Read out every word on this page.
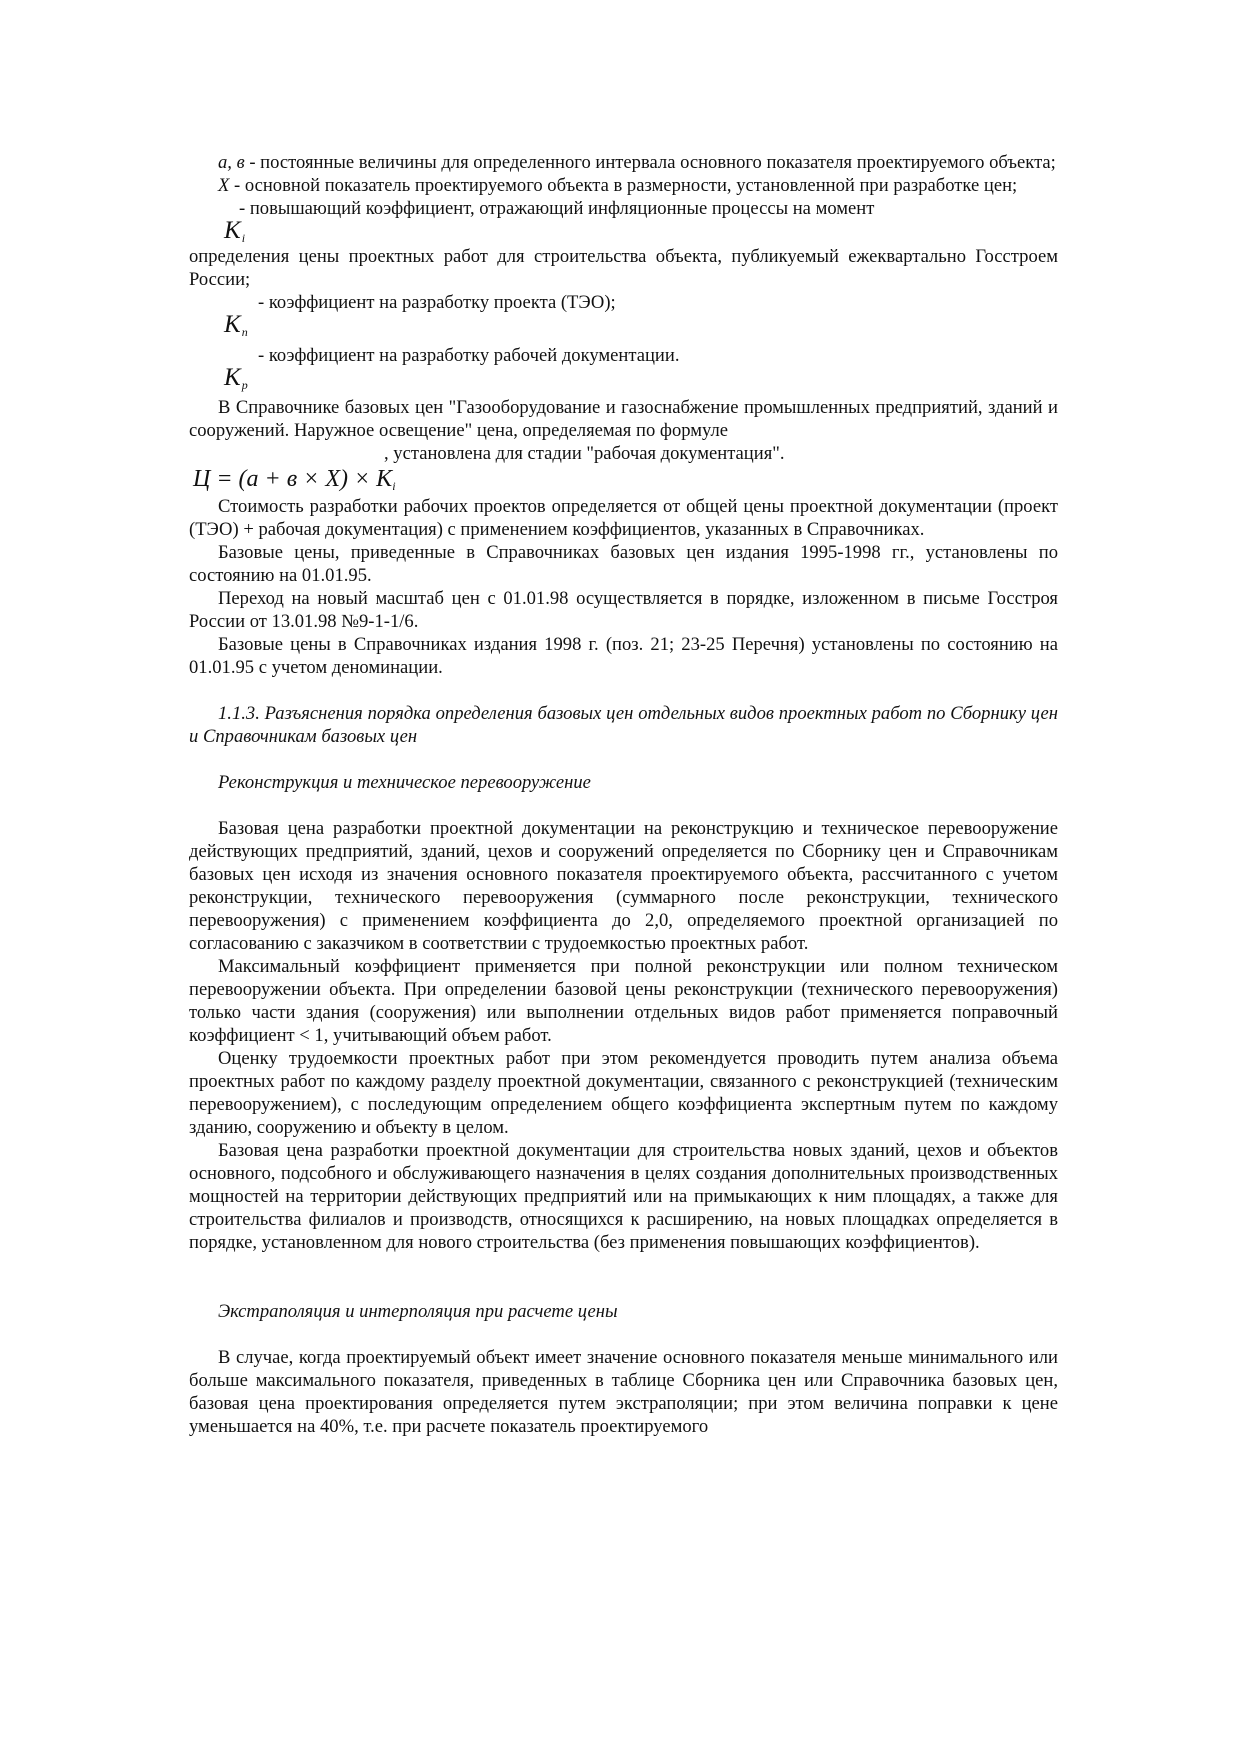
а, в - постоянные величины для определенного интервала основного показателя проектируемого объекта;

X - основной показатель проектируемого объекта в размерности, установленной при разработке цен;

- повышающий коэффициент, отражающий инфляционные процессы на момент

$K_i$

определения цены проектных работ для строительства объекта, публикуемый ежеквартально Госстроем России;

- коэффициент на разработку проекта (ТЭО);

$K_п$

- коэффициент на разработку рабочей документации.

$K_р$

В Справочнике базовых цен "Газооборудование и газоснабжение промышленных предприятий, зданий и сооружений. Наружное освещение" цена, определяемая по формуле

, установлена для стадии "рабочая документация".

$Ц = (а + в \times Х) \times K_i$

Стоимость разработки рабочих проектов определяется от общей цены проектной документации (проект (ТЭО) + рабочая документация) с применением коэффициентов, указанных в Справочниках.

Базовые цены, приведенные в Справочниках базовых цен издания 1995-1998 гг., установлены по состоянию на 01.01.95.

Переход на новый масштаб цен с 01.01.98 осуществляется в порядке, изложенном в письме Госстроя России от 13.01.98 №9-1-1/6.

Базовые цены в Справочниках издания 1998 г. (поз. 21; 23-25 Перечня) установлены по состоянию на 01.01.95 с учетом деноминации.

1.1.3. Разъяснения порядка определения базовых цен отдельных видов проектных работ по Сборнику цен и Справочникам базовых цен

Реконструкция и техническое перевооружение

Базовая цена разработки проектной документации на реконструкцию и техническое перевооружение действующих предприятий, зданий, цехов и сооружений определяется по Сборнику цен и Справочникам базовых цен исходя из значения основного показателя проектируемого объекта, рассчитанного с учетом реконструкции, технического перевооружения (суммарного после реконструкции, технического перевооружения) с применением коэффициента до 2,0, определяемого проектной организацией по согласованию с заказчиком в соответствии с трудоемкостью проектных работ.

Максимальный коэффициент применяется при полной реконструкции или полном техническом перевооружении объекта. При определении базовой цены реконструкции (технического перевооружения) только части здания (сооружения) или выполнении отдельных видов работ применяется поправочный коэффициент < 1, учитывающий объем работ.

Оценку трудоемкости проектных работ при этом рекомендуется проводить путем анализа объема проектных работ по каждому разделу проектной документации, связанного с реконструкцией (техническим перевооружением), с последующим определением общего коэффициента экспертным путем по каждому зданию, сооружению и объекту в целом.

Базовая цена разработки проектной документации для строительства новых зданий, цехов и объектов основного, подсобного и обслуживающего назначения в целях создания дополнительных производственных мощностей на территории действующих предприятий или на примыкающих к ним площадях, а также для строительства филиалов и производств, относящихся к расширению, на новых площадках определяется в порядке, установленном для нового строительства (без применения повышающих коэффициентов).

Экстраполяция и интерполяция при расчете цены

В случае, когда проектируемый объект имеет значение основного показателя меньше минимального или больше максимального показателя, приведенных в таблице Сборника цен или Справочника базовых цен, базовая цена проектирования определяется путем экстраполяции; при этом величина поправки к цене уменьшается на 40%, т.е. при расчете показатель проектируемого
